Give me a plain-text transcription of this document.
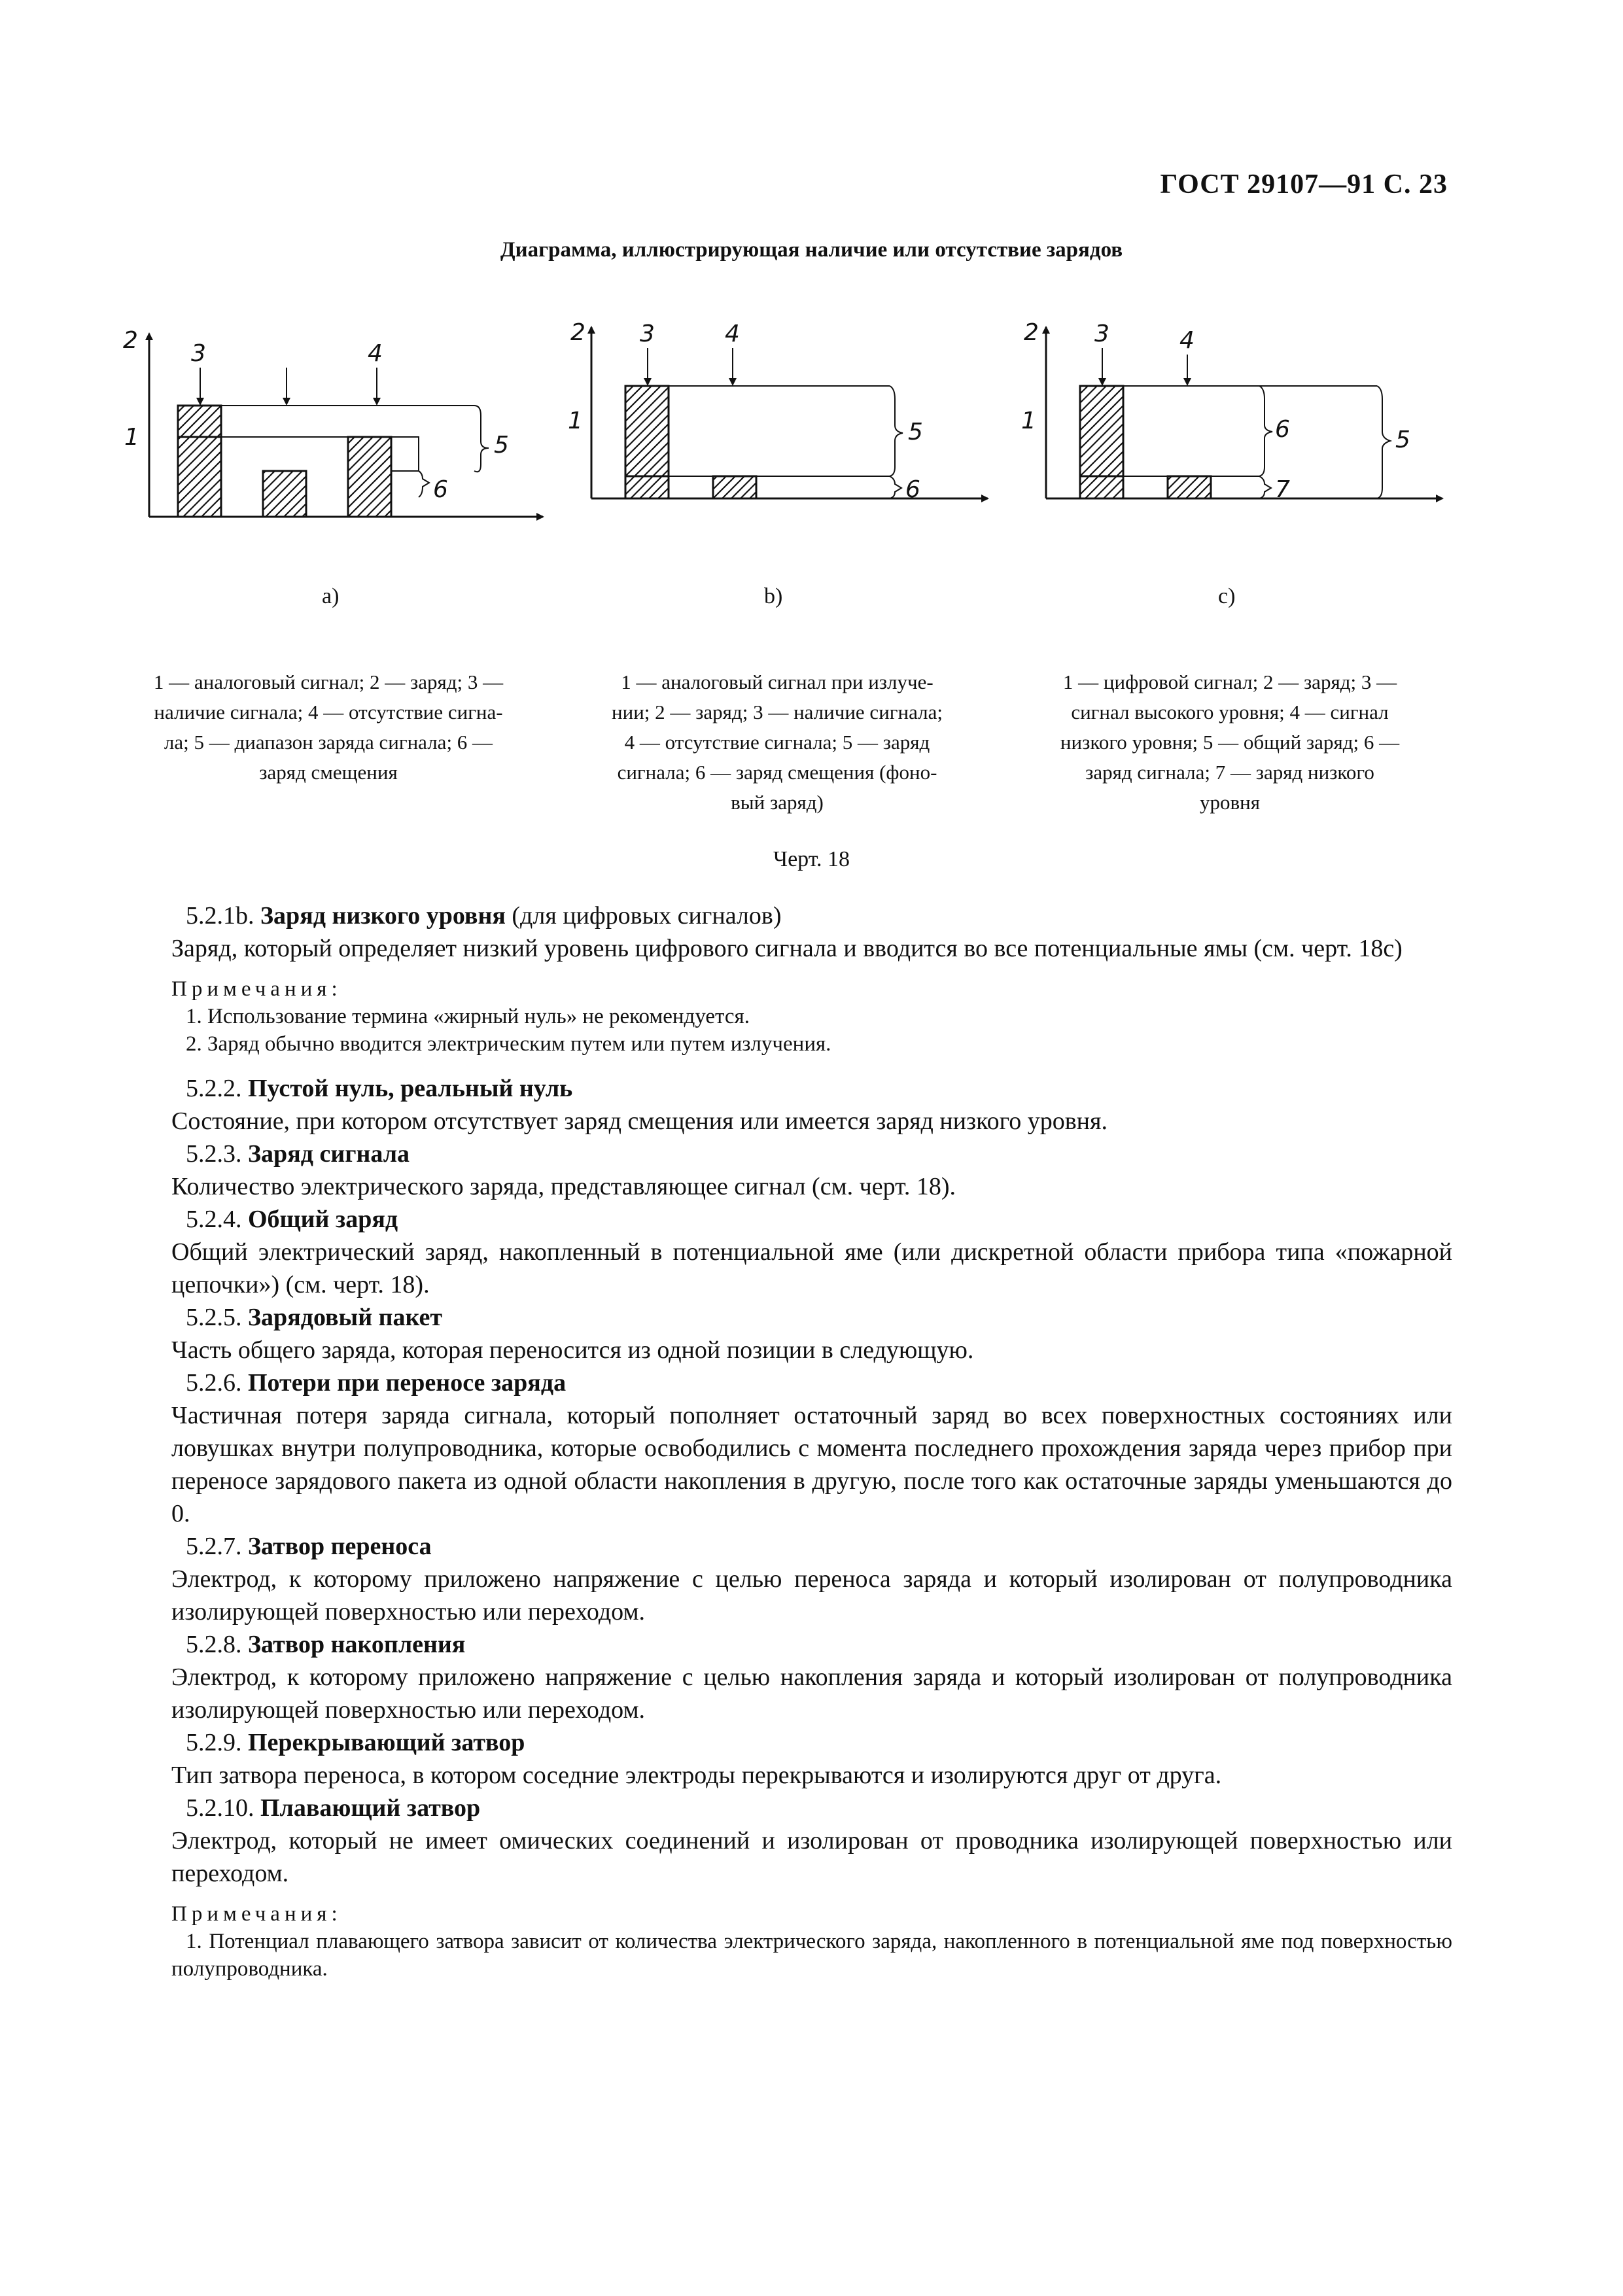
ГОСТ 29107—91 С. 23
Диаграмма, иллюстрирующая наличие или отсутствие зарядов
2
1
3	4
5
6
2
1
3	4
5
6
2
1
3	4
6
7
5
a)	b)	c)
1 — аналоговый сигнал; 2 — заряд; 3 —
наличие сигнала; 4 — отсутствие сигна-
ла; 5 — диапазон заряда сигнала; 6 —
заряд смещения
1 — аналоговый сигнал при излуче-
нии; 2 — заряд; 3 — наличие сигнала;
4 — отсутствие сигнала; 5 — заряд
сигнала; 6 — заряд смещения (фоно-
вый заряд)
1 — цифровой сигнал; 2 — заряд; 3 —
сигнал высокого уровня; 4 — сигнал
низкого уровня; 5 — общий заряд; 6 —
заряд сигнала; 7 — заряд низкого
уровня
Черт. 18

5.2.1b. Заряд низкого уровня (для цифровых сигналов)

Заряд, который определяет низкий уровень цифрового сигнала и вводится во все потенциальные ямы (см. черт. 18с)

Примечания:

1. Использование термина «жирный нуль» не рекомендуется.

2. Заряд обычно вводится электрическим путем или путем излучения.

5.2.2. Пустой нуль, реальный нуль

Состояние, при котором отсутствует заряд смещения или имеется заряд низкого уровня.

5.2.3. Заряд сигнала

Количество электрического заряда, представляющее сигнал (см. черт. 18).

5.2.4. Общий заряд

Общий электрический заряд, накопленный в потенциальной яме (или дискретной области прибора типа «пожарной цепочки») (см. черт. 18).

5.2.5. Зарядовый пакет

Часть общего заряда, которая переносится из одной позиции в следующую.

5.2.6. Потери при переносе заряда

Частичная потеря заряда сигнала, который пополняет остаточный заряд во всех поверхностных состояниях или ловушках внутри полупроводника, которые освободились с момента последнего прохождения заряда через прибор при переносе зарядового пакета из одной области накопления в другую, после того как остаточные заряды уменьшаются до 0.

5.2.7. Затвор переноса

Электрод, к которому приложено напряжение с целью переноса заряда и который изолирован от полупроводника изолирующей поверхностью или переходом.

5.2.8. Затвор накопления

Электрод, к которому приложено напряжение с целью накопления заряда и который изолирован от полупроводника изолирующей поверхностью или переходом.

5.2.9. Перекрывающий затвор

Тип затвора переноса, в котором соседние электроды перекрываются и изолируются друг от друга.

5.2.10. Плавающий затвор

Электрод, который не имеет омических соединений и изолирован от проводника изолирующей поверхностью или переходом.

Примечания:

1. Потенциал плавающего затвора зависит от количества электрического заряда, накопленного в потенциальной яме под поверхностью полупроводника.
